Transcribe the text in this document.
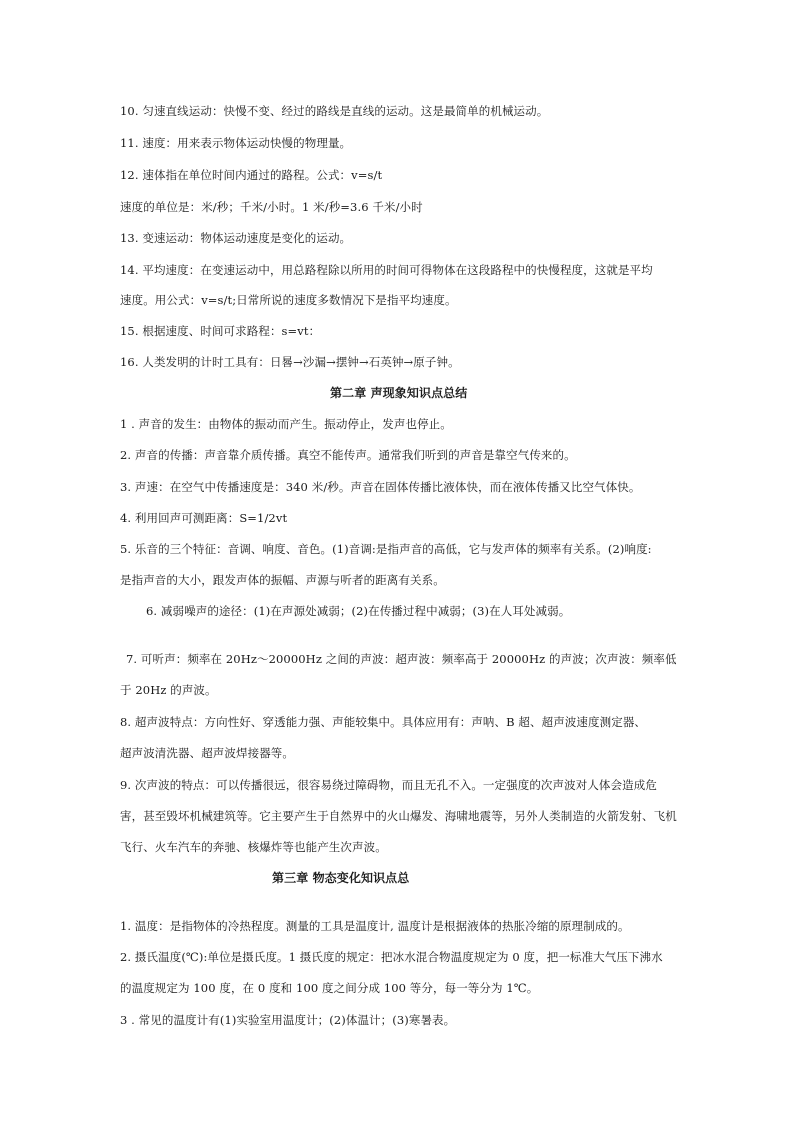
10. 匀速直线运动：快慢不变、经过的路线是直线的运动。这是最简单的机械运动。

11. 速度：用来表示物体运动快慢的物理量。

12. 速体指在单位时间内通过的路程。公式：v=s/t

速度的单位是：米/秒；千米/小时。1 米/秒=3.6 千米/小时

13. 变速运动：物体运动速度是变化的运动。

14. 平均速度：在变速运动中，用总路程除以所用的时间可得物体在这段路程中的快慢程度，这就是平均

速度。用公式：v=s/t;日常所说的速度多数情况下是指平均速度。

15. 根据速度、时间可求路程：s=vt：

16. 人类发明的计时工具有：日晷→沙漏→摆钟→石英钟→原子钟。

第二章 声现象知识点总结

1 . 声音的发生：由物体的振动而产生。振动停止，发声也停止。

2. 声音的传播：声音靠介质传播。真空不能传声。通常我们听到的声音是靠空气传来的。

3. 声速：在空气中传播速度是：340 米/秒。声音在固体传播比液体快，而在液体传播又比空气体快。

4. 利用回声可测距离：S=1/2vt

5. 乐音的三个特征：音调、响度、音色。(1)音调:是指声音的高低，它与发声体的频率有关系。(2)响度:

是指声音的大小，跟发声体的振幅、声源与听者的距离有关系。

6. 减弱噪声的途径：(1)在声源处减弱；(2)在传播过程中减弱；(3)在人耳处减弱。

7. 可听声：频率在 20Hz～20000Hz 之间的声波：超声波：频率高于 20000Hz 的声波；次声波：频率低

于 20Hz 的声波。

8. 超声波特点：方向性好、穿透能力强、声能较集中。具体应用有：声呐、B 超、超声波速度测定器、

超声波清洗器、超声波焊接器等。

9. 次声波的特点：可以传播很远，很容易绕过障碍物，而且无孔不入。一定强度的次声波对人体会造成危

害，甚至毁坏机械建筑等。它主要产生于自然界中的火山爆发、海啸地震等，另外人类制造的火箭发射、飞机

飞行、火车汽车的奔驰、核爆炸等也能产生次声波。

第三章 物态变化知识点总

1. 温度：是指物体的冷热程度。测量的工具是温度计, 温度计是根据液体的热胀冷缩的原理制成的。

2. 摄氏温度(℃):单位是摄氏度。1 摄氏度的规定：把冰水混合物温度规定为 0 度，把一标准大气压下沸水

的温度规定为 100 度，在 0 度和 100 度之间分成 100 等分，每一等分为 1℃。

3 . 常见的温度计有(1)实验室用温度计；(2)体温计；(3)寒暑表。
